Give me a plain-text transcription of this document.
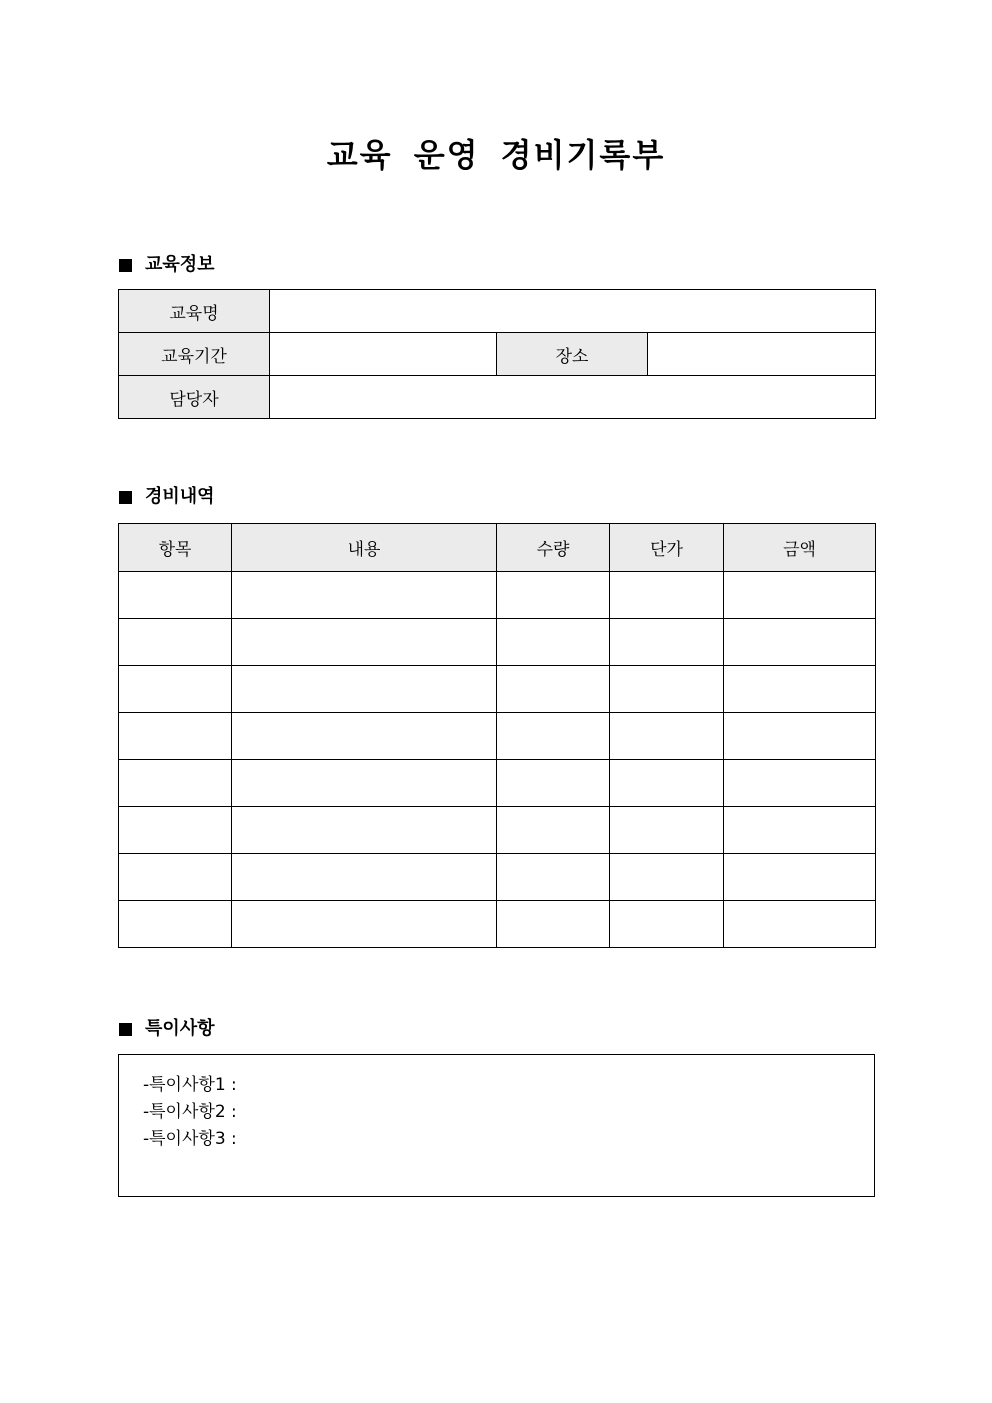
교육 운영 경비기록부
교육정보
교육명			
교육기간		장소	
담당자			
경비내역
항목	내용	수량	단가	금액

특이사항
-특이사항1 :
-특이사항2 :
-특이사항3 :
